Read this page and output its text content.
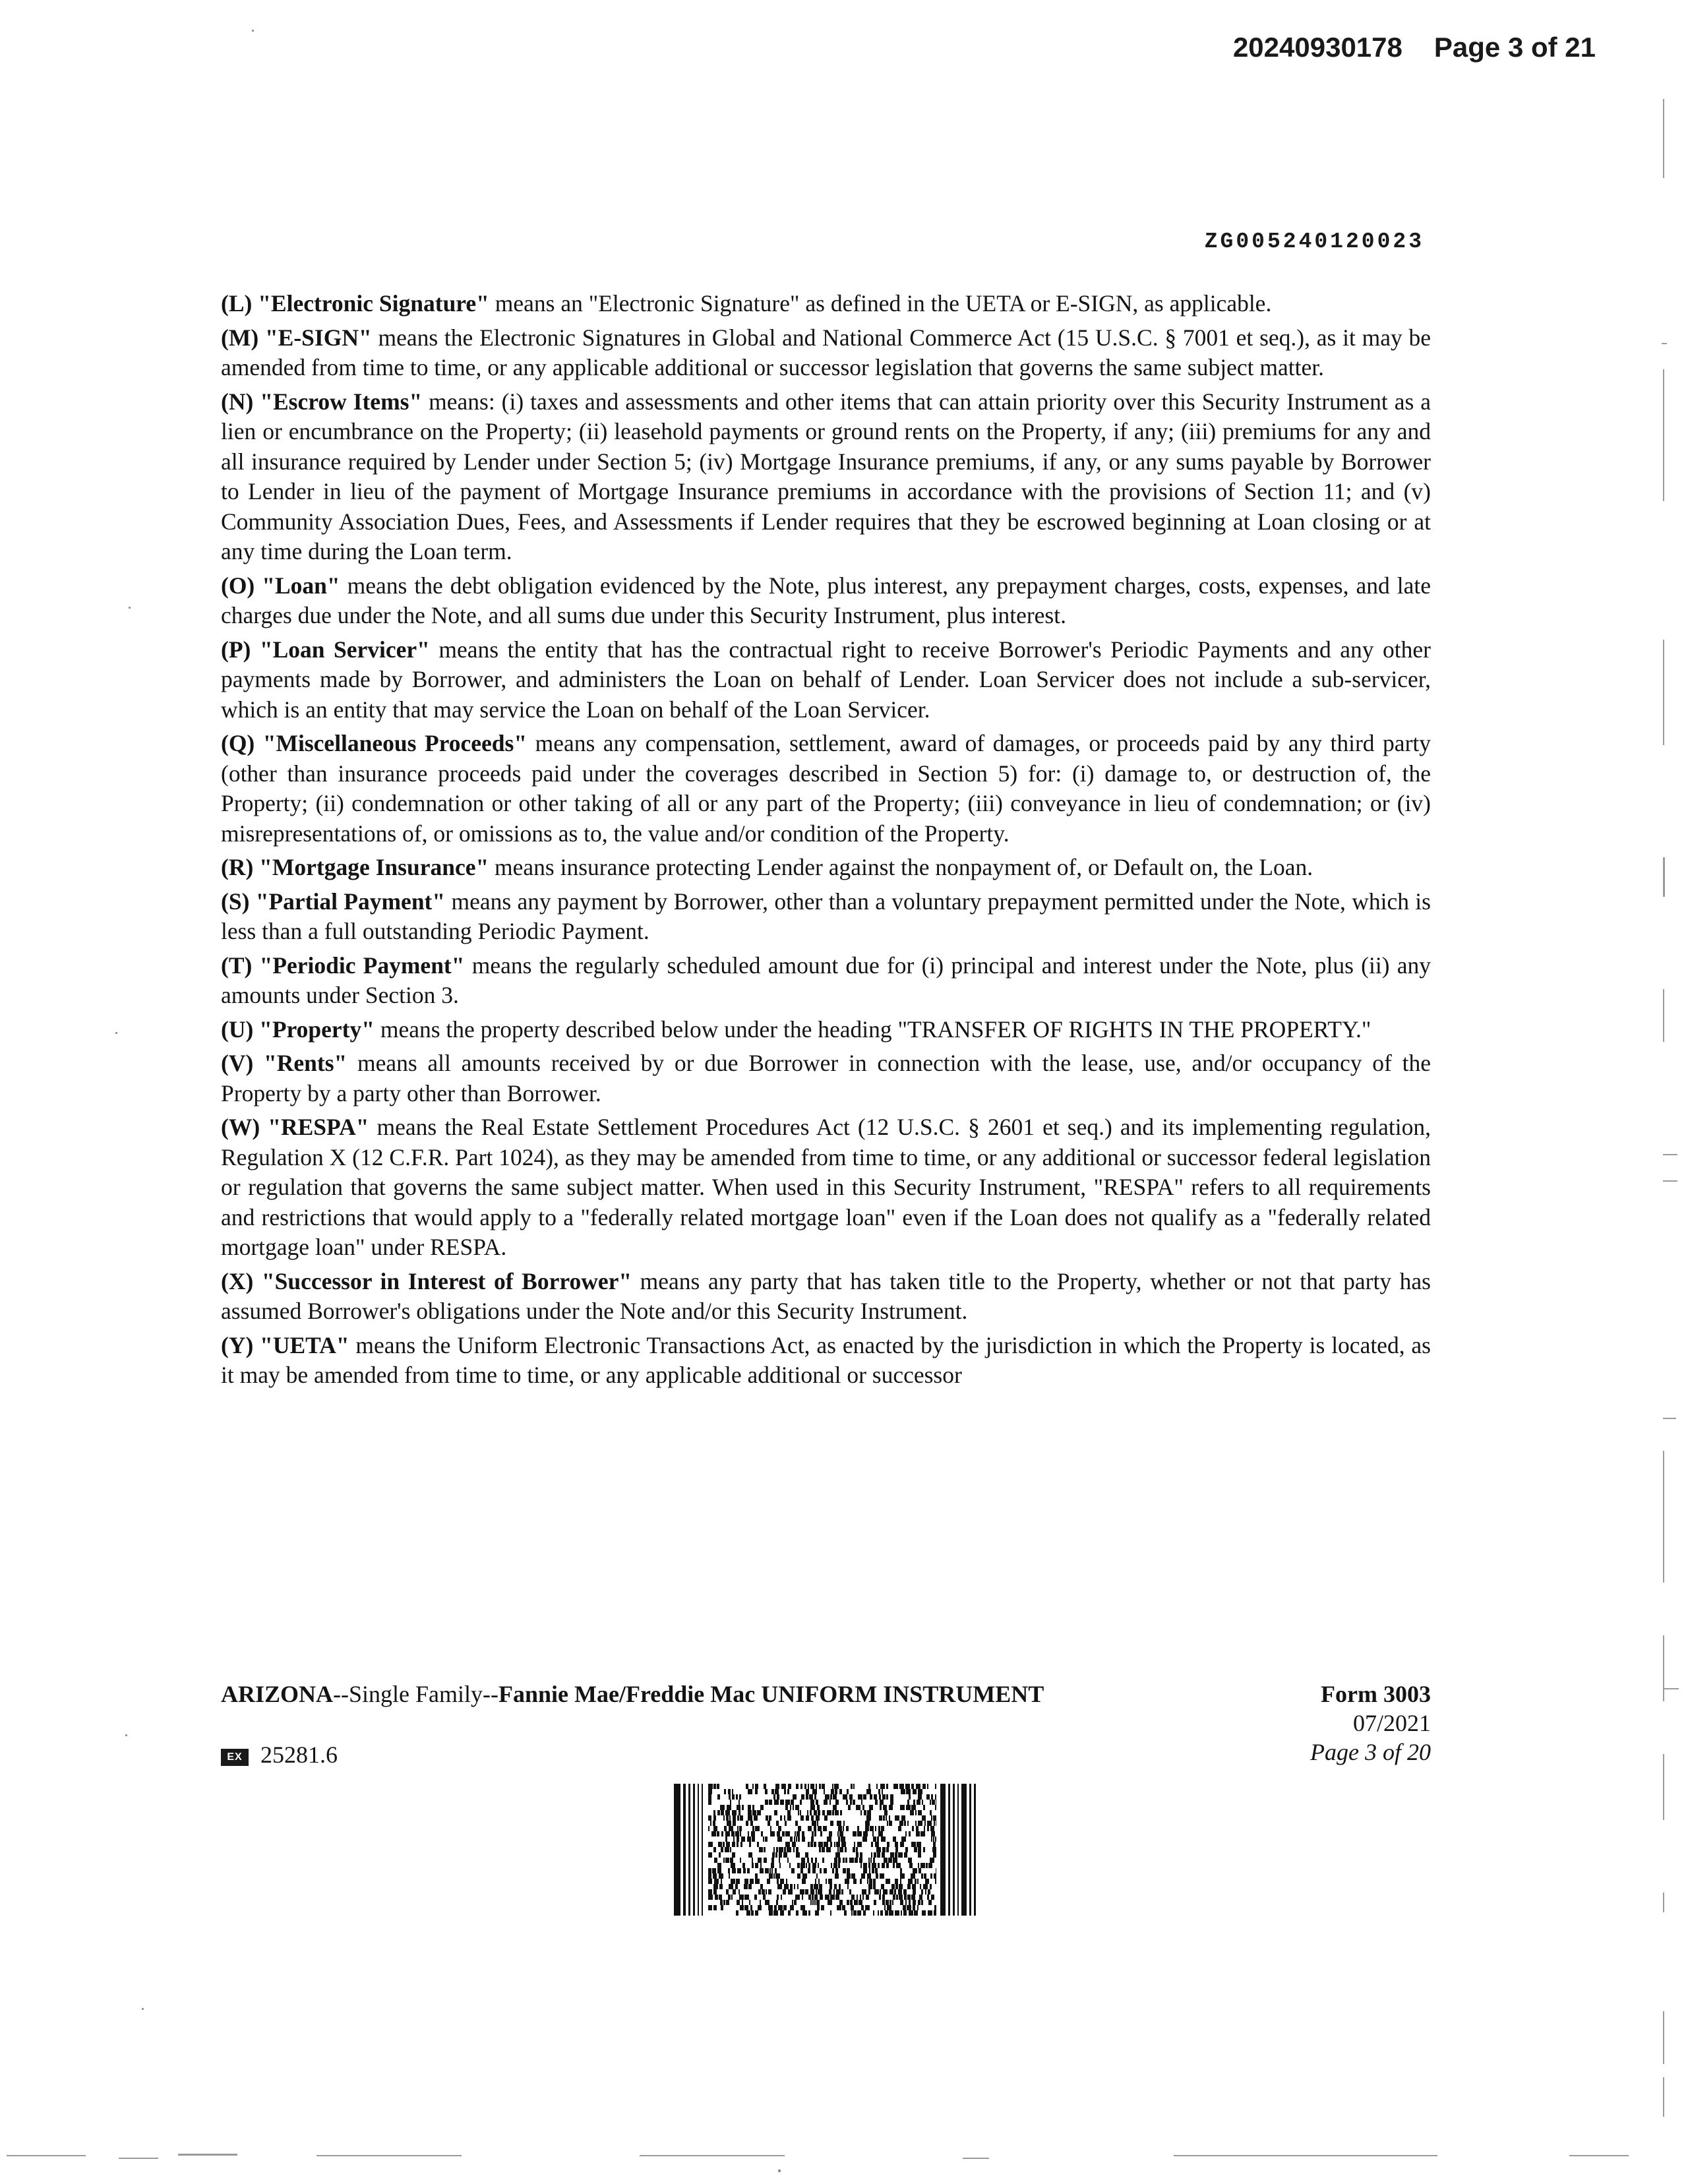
20240930178 Page 3 of 21
ZG005240120023

(L) "Electronic Signature" means an "Electronic Signature" as defined in the UETA or E-SIGN, as applicable.

(M) "E-SIGN" means the Electronic Signatures in Global and National Commerce Act (15 U.S.C. § 7001 et seq.), as it may be amended from time to time, or any applicable additional or successor legislation that governs the same subject matter.

(N) "Escrow Items" means: (i) taxes and assessments and other items that can attain priority over this Security Instrument as a lien or encumbrance on the Property; (ii) leasehold payments or ground rents on the Property, if any; (iii) premiums for any and all insurance required by Lender under Section 5; (iv) Mortgage Insurance premiums, if any, or any sums payable by Borrower to Lender in lieu of the payment of Mortgage Insurance premiums in accordance with the provisions of Section 11; and (v) Community Association Dues, Fees, and Assessments if Lender requires that they be escrowed beginning at Loan closing or at any time during the Loan term.

(O) "Loan" means the debt obligation evidenced by the Note, plus interest, any prepayment charges, costs, expenses, and late charges due under the Note, and all sums due under this Security Instrument, plus interest.

(P) "Loan Servicer" means the entity that has the contractual right to receive Borrower's Periodic Payments and any other payments made by Borrower, and administers the Loan on behalf of Lender. Loan Servicer does not include a sub-servicer, which is an entity that may service the Loan on behalf of the Loan Servicer.

(Q) "Miscellaneous Proceeds" means any compensation, settlement, award of damages, or proceeds paid by any third party (other than insurance proceeds paid under the coverages described in Section 5) for: (i) damage to, or destruction of, the Property; (ii) condemnation or other taking of all or any part of the Property; (iii) conveyance in lieu of condemnation; or (iv) misrepresentations of, or omissions as to, the value and/or condition of the Property.

(R) "Mortgage Insurance" means insurance protecting Lender against the nonpayment of, or Default on, the Loan.

(S) "Partial Payment" means any payment by Borrower, other than a voluntary prepayment permitted under the Note, which is less than a full outstanding Periodic Payment.

(T) "Periodic Payment" means the regularly scheduled amount due for (i) principal and interest under the Note, plus (ii) any amounts under Section 3.

(U) "Property" means the property described below under the heading "TRANSFER OF RIGHTS IN THE PROPERTY."

(V) "Rents" means all amounts received by or due Borrower in connection with the lease, use, and/or occupancy of the Property by a party other than Borrower.

(W) "RESPA" means the Real Estate Settlement Procedures Act (12 U.S.C. § 2601 et seq.) and its implementing regulation, Regulation X (12 C.F.R. Part 1024), as they may be amended from time to time, or any additional or successor federal legislation or regulation that governs the same subject matter. When used in this Security Instrument, "RESPA" refers to all requirements and restrictions that would apply to a "federally related mortgage loan" even if the Loan does not qualify as a "federally related mortgage loan" under RESPA.

(X) "Successor in Interest of Borrower" means any party that has taken title to the Property, whether or not that party has assumed Borrower's obligations under the Note and/or this Security Instrument.

(Y) "UETA" means the Uniform Electronic Transactions Act, as enacted by the jurisdiction in which the Property is located, as it may be amended from time to time, or any applicable additional or successor

ARIZONA--Single Family--Fannie Mae/Freddie Mac UNIFORM INSTRUMENT	Form 3003
07/2021
Page 3 of 20
EX 25281.6
